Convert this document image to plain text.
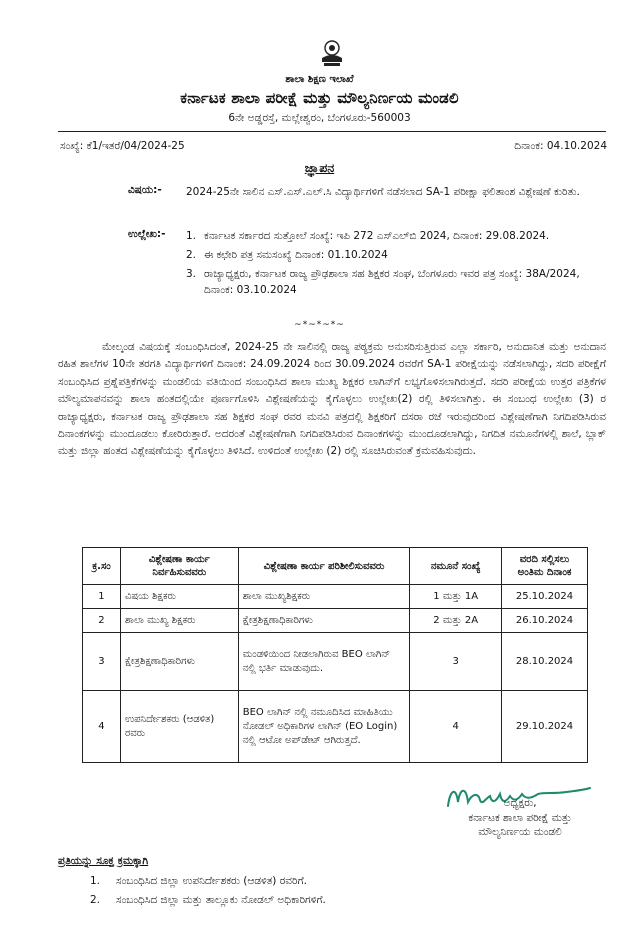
ಶಾಲಾ ಶಿಕ್ಷಣ ಇಲಾಖೆ
ಕರ್ನಾಟಕ ಶಾಲಾ ಪರೀಕ್ಷೆ ಮತ್ತು ಮೌಲ್ಯನಿರ್ಣಯ ಮಂಡಲಿ
6ನೇ ಅಡ್ಡರಸ್ತೆ, ಮಲ್ಲೇಶ್ವರಂ, ಬೆಂಗಳೂರು-560003
ಸಂಖ್ಯೆ: ಕೆ1/ಇತರೆ/04/2024-25	ದಿನಾಂಕ: 04.10.2024
ಜ್ಞಾಪನ
ವಿಷಯ:- 2024-25ನೇ ಸಾಲಿನ ಎಸ್.ಎಸ್.ಎಲ್.ಸಿ ವಿದ್ಯಾರ್ಥಿಗಳಿಗೆ ನಡೆಸಲಾದ SA-1 ಪರೀಕ್ಷಾ ಫಲಿತಾಂಶ ವಿಶ್ಲೇಷಣೆ ಕುರಿತು.
ಉಲ್ಲೇಖ:- 1. ಕರ್ನಾಟಕ ಸರ್ಕಾರದ ಸುತ್ತೋಲೆ ಸಂಖ್ಯೆ: ಇಪಿ 272 ಎಸ್‌ಎಲ್‌ಬಿ 2024, ದಿನಾಂಕ: 29.08.2024.
2. ಈ ಕಛೇರಿ ಪತ್ರ ಸಮಸಂಖ್ಯೆ ದಿನಾಂಕ: 01.10.2024
3. ರಾಜ್ಯಾಧ್ಯಕ್ಷರು, ಕರ್ನಾಟಕ ರಾಜ್ಯ ಪ್ರೌಢಶಾಲಾ ಸಹ ಶಿಕ್ಷಕರ ಸಂಘ, ಬೆಂಗಳೂರು ಇವರ ಪತ್ರ ಸಂಖ್ಯೆ: 38A/2024, ದಿನಾಂಕ: 03.10.2024
~*~*~*~

ಮೇಲ್ಕಂಡ ವಿಷಯಕ್ಕೆ ಸಂಬಂಧಿಸಿದಂತೆ, 2024-25 ನೇ ಸಾಲಿನಲ್ಲಿ ರಾಜ್ಯ ಪಠ್ಯಕ್ರಮ ಅನುಸರಿಸುತ್ತಿರುವ ಎಲ್ಲಾ ಸರ್ಕಾರಿ, ಅನುದಾನಿತ ಮತ್ತು ಅನುದಾನ ರಹಿತ ಶಾಲೆಗಳ 10ನೇ ತರಗತಿ ವಿದ್ಯಾರ್ಥಿಗಳಿಗೆ ದಿನಾಂಕ: 24.09.2024 ರಿಂದ 30.09.2024 ರವರೆಗೆ SA-1 ಪರೀಕ್ಷೆಯನ್ನು ನಡೆಸಲಾಗಿದ್ದು, ಸದರಿ ಪರೀಕ್ಷೆಗೆ ಸಂಬಂಧಿಸಿದ ಪ್ರಶ್ನೆಪತ್ರಿಕೆಗಳನ್ನು ಮಂಡಲಿಯ ವತಿಯಿಂದ ಸಂಬಂಧಿಸಿದ ಶಾಲಾ ಮುಖ್ಯ ಶಿಕ್ಷಕರ ಲಾಗಿನ್‌ಗೆ ಲಭ್ಯಗೊಳಿಸಲಾಗಿರುತ್ತದೆ. ಸದರಿ ಪರೀಕ್ಷೆಯ ಉತ್ತರ ಪತ್ರಿಕೆಗಳ ಮೌಲ್ಯಮಾಪನವನ್ನು ಶಾಲಾ ಹಂತದಲ್ಲಿಯೇ ಪೂರ್ಣಗೊಳಿಸಿ ವಿಶ್ಲೇಷಣೆಯನ್ನು ಕೈಗೊಳ್ಳಲು ಉಲ್ಲೇಖ(2) ರಲ್ಲಿ ತಿಳಿಸಲಾಗಿತ್ತು. ಈ ಸಂಬಂಧ ಉಲ್ಲೇಖ (3) ರ ರಾಜ್ಯಾಧ್ಯಕ್ಷರು, ಕರ್ನಾಟಕ ರಾಜ್ಯ ಪ್ರೌಢಶಾಲಾ ಸಹ ಶಿಕ್ಷಕರ ಸಂಘ ರವರ ಮನವಿ ಪತ್ರದಲ್ಲಿ ಶಿಕ್ಷಕರಿಗೆ ದಸರಾ ರಜೆ ಇರುವುದರಿಂದ ವಿಶ್ಲೇಷಣೆಗಾಗಿ ನಿಗದಿಪಡಿಸಿರುವ ದಿನಾಂಕಗಳನ್ನು ಮುಂದೂಡಲು ಕೋರಿರುತ್ತಾರೆ. ಅದರಂತೆ ವಿಶ್ಲೇಷಣೆಗಾಗಿ ನಿಗದಿಪಡಿಸಿರುವ ದಿನಾಂಕಗಳನ್ನು ಮುಂದೂಡಲಾಗಿದ್ದು, ನಿಗದಿತ ನಮೂನೆಗಳಲ್ಲಿ ಶಾಲೆ, ಬ್ಲಾಕ್ ಮತ್ತು ಜಿಲ್ಲಾ ಹಂತದ ವಿಶ್ಲೇಷಣೆಯನ್ನು ಕೈಗೊಳ್ಳಲು ತಿಳಿಸಿದೆ. ಉಳಿದಂತೆ ಉಲ್ಲೇಖ (2) ರಲ್ಲಿ ಸೂಚಿಸಿರುವಂತೆ ಕ್ರಮವಹಿಸುವುದು.

ಕ್ರ.ಸಂ	ವಿಶ್ಲೇಷಣಾ ಕಾರ್ಯ ನಿರ್ವಹಿಸುವವರು	ವಿಶ್ಲೇಷಣಾ ಕಾರ್ಯ ಪರಿಶೀಲಿಸುವವರು	ನಮೂನೆ ಸಂಖ್ಯೆ	ವರದಿ ಸಲ್ಲಿಸಲು ಅಂತಿಮ ದಿನಾಂಕ
1	ವಿಷಯ ಶಿಕ್ಷಕರು	ಶಾಲಾ ಮುಖ್ಯಶಿಕ್ಷಕರು	1 ಮತ್ತು 1A	25.10.2024
2	ಶಾಲಾ ಮುಖ್ಯ ಶಿಕ್ಷಕರು	ಕ್ಷೇತ್ರಶಿಕ್ಷಣಾಧಿಕಾರಿಗಳು	2 ಮತ್ತು 2A	26.10.2024
3	ಕ್ಷೇತ್ರಶಿಕ್ಷಣಾಧಿಕಾರಿಗಳು	ಮಂಡಳಿಯಿಂದ ನೀಡಲಾಗಿರುವ BEO ಲಾಗಿನ್ ನಲ್ಲಿ ಭರ್ತಿ ಮಾಡುವುದು.	3	28.10.2024
4	ಉಪನಿರ್ದೇಶಕರು (ಆಡಳಿತ) ರವರು	BEO ಲಾಗಿನ್ ನಲ್ಲಿ ನಮೂದಿಸಿದ ಮಾಹಿತಿಯು ನೋಡಲ್ ಅಧಿಕಾರಿಗಳ ಲಾಗಿನ್ (EO Login) ನಲ್ಲಿ ಆಟೋ ಅಪ್‌ಡೇಟ್ ಆಗಿರುತ್ತದೆ.	4	29.10.2024
ಅಧ್ಯಕ್ಷರು,
ಕರ್ನಾಟಕ ಶಾಲಾ ಪರೀಕ್ಷೆ ಮತ್ತು
ಮೌಲ್ಯನಿರ್ಣಯ ಮಂಡಲಿ
ಪ್ರತಿಯನ್ನು ಸೂಕ್ತ ಕ್ರಮಕ್ಕಾಗಿ
1. ಸಂಬಂಧಿಸಿದ ಜಿಲ್ಲಾ ಉಪನಿರ್ದೇಶಕರು (ಆಡಳಿತ) ರವರಿಗೆ.
2. ಸಂಬಂಧಿಸಿದ ಜಿಲ್ಲಾ ಮತ್ತು ತಾಲ್ಲೂಕು ನೋಡಲ್ ಅಧಿಕಾರಿಗಳಿಗೆ.
